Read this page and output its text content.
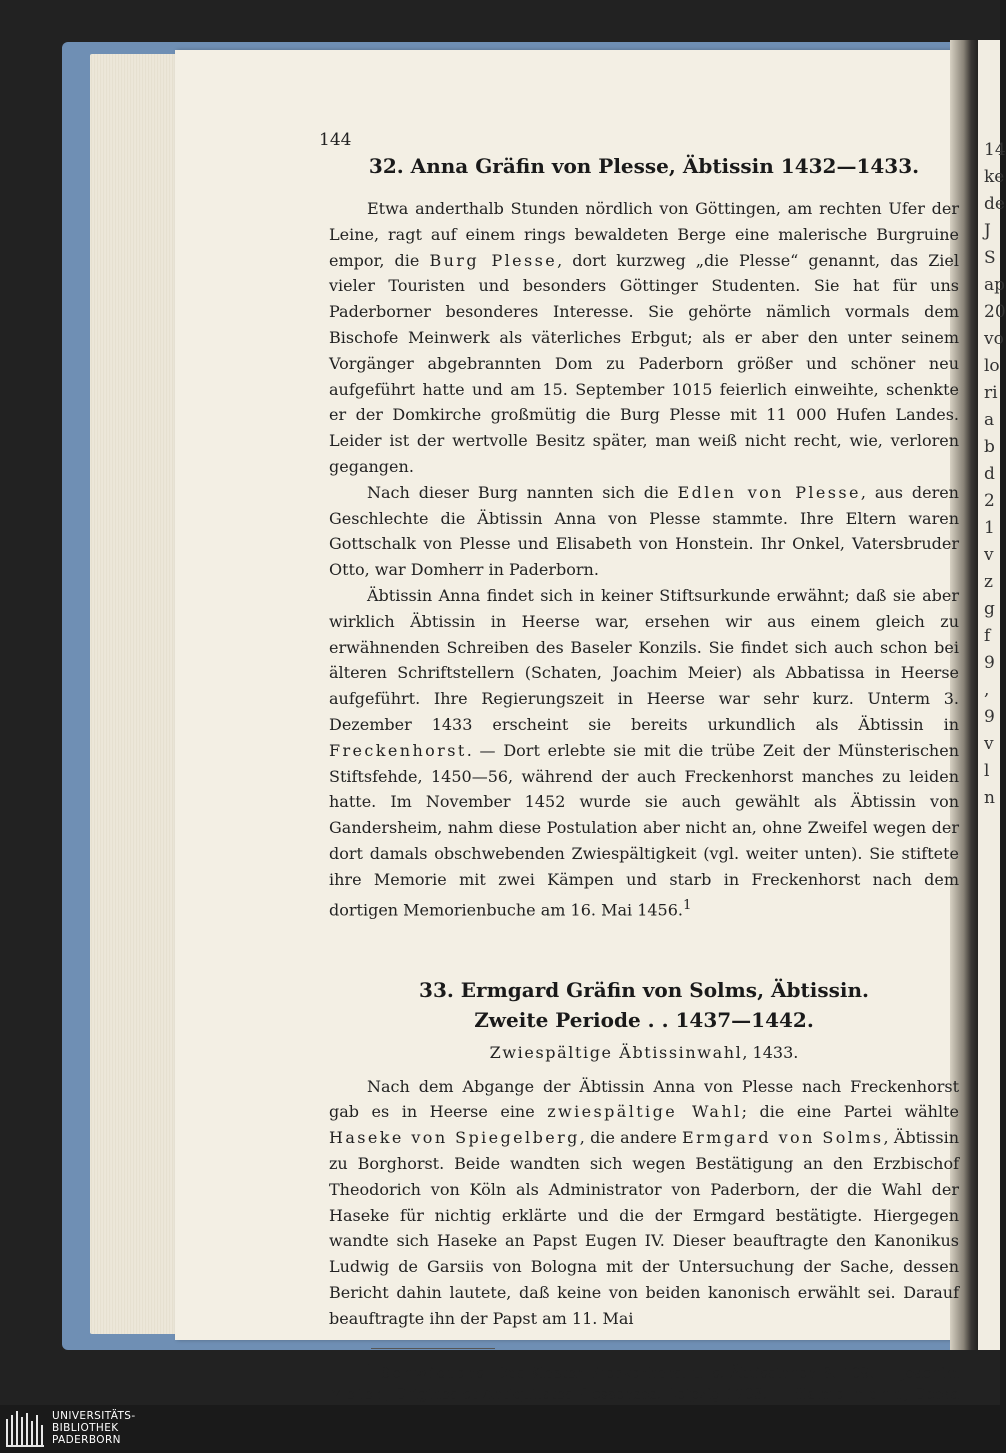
14
ke
de
J
S
ap
20
vo
lo
ri
a
b
d
2
1
v
z
g
f
9
,
9
v
l
n
144
32. Anna Gräfin von Plesse, Äbtissin 1432—1433.

Etwa anderthalb Stunden nördlich von Göttingen, am rechten Ufer der Leine, ragt auf einem rings bewaldeten Berge eine malerische Burgruine empor, die Burg Plesse, dort kurzweg „die Plesse“ genannt, das Ziel vieler Touristen und besonders Göttinger Studenten. Sie hat für uns Paderborner besonderes Interesse. Sie gehörte nämlich vormals dem Bischofe Meinwerk als väterliches Erbgut; als er aber den unter seinem Vorgänger abgebrannten Dom zu Paderborn größer und schöner neu aufgeführt hatte und am 15. September 1015 feierlich einweihte, schenkte er der Domkirche großmütig die Burg Plesse mit 11 000 Hufen Landes. Leider ist der wertvolle Besitz später, man weiß nicht recht, wie, verloren gegangen.

Nach dieser Burg nannten sich die Edlen von Plesse, aus deren Geschlechte die Äbtissin Anna von Plesse stammte. Ihre Eltern waren Gottschalk von Plesse und Elisabeth von Honstein. Ihr Onkel, Vatersbruder Otto, war Domherr in Paderborn.

Äbtissin Anna findet sich in keiner Stiftsurkunde erwähnt; daß sie aber wirklich Äbtissin in Heerse war, ersehen wir aus einem gleich zu erwähnenden Schreiben des Baseler Konzils. Sie findet sich auch schon bei älteren Schriftstellern (Schaten, Joachim Meier) als Abbatissa in Heerse aufgeführt. Ihre Regierungszeit in Heerse war sehr kurz. Unterm 3. Dezember 1433 erscheint sie bereits urkundlich als Äbtissin in Freckenhorst. — Dort erlebte sie mit die trübe Zeit der Münsterischen Stiftsfehde, 1450—56, während der auch Freckenhorst manches zu leiden hatte. Im November 1452 wurde sie auch gewählt als Äbtissin von Gandersheim, nahm diese Postulation aber nicht an, ohne Zweifel wegen der dort damals obschwebenden Zwiespältigkeit (vgl. weiter unten). Sie stiftete ihre Memorie mit zwei Kämpen und starb in Freckenhorst nach dem dortigen Memorienbuche am 16. Mai 1456.$^1$

33. Ermgard Gräfin von Solms, Äbtissin.
Zweite Periode . . 1437—1442.
Zwiespältige Äbtissinwahl, 1433.

Nach dem Abgange der Äbtissin Anna von Plesse nach Freckenhorst gab es in Heerse eine zwiespältige Wahl; die eine Partei wählte Haseke von Spiegelberg, die andere Ermgard von Solms, Äbtissin zu Borghorst. Beide wandten sich wegen Bestätigung an den Erzbischof Theodorich von Köln als Administrator von Paderborn, der die Wahl der Haseke für nichtig erklärte und die der Ermgard bestätigte. Hiergegen wandte sich Haseke an Papst Eugen IV. Dieser beauftragte den Kanonikus Ludwig de Garsiis von Bologna mit der Untersuchung der Sache, dessen Bericht dahin lautete, daß keine von beiden kanonisch erwählt sei. Darauf beauftragte ihn der Papst am 11. Mai

$^1$ Schwieters, Das Kloster Freckenhorst u. s. Äbtissinnen S. 109. — Joachim Meier, Origines et Antiquitates Plessenses. Leipzig 1703. — Hamelmann, Opera

UNIVERSITÄTS-
BIBLIOTHEK
PADERBORN
